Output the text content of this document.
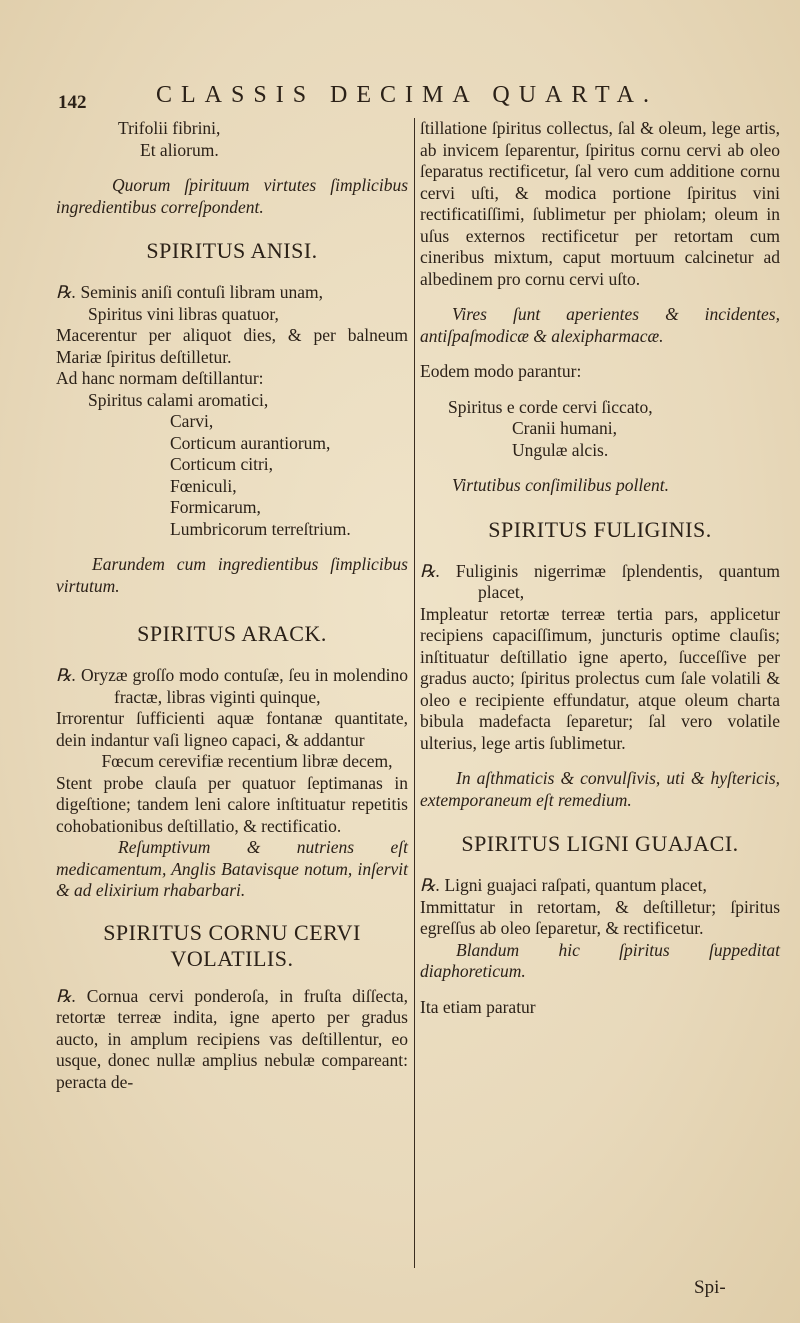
142	CLASSIS DECIMA QUARTA.
Trifolii fibrini,
Et aliorum.
Quorum ſpirituum virtutes ſimplicibus ingredientibus correſpondent.
SPIRITUS ANISI.
℞. Seminis aniſi contuſi libram unam,
Spiritus vini libras quatuor,
Macerentur per aliquot dies, & per balneum Mariæ ſpiritus deſtilletur.
Ad hanc normam deſtillantur:
Spiritus calami aromatici,
Carvi,
Corticum aurantiorum,
Corticum citri,
Fœniculi,
Formicarum,
Lumbricorum terreſtrium.
Earundem cum ingredientibus ſimplicibus virtutum.
SPIRITUS ARACK.
℞. Oryzæ groſſo modo contuſæ, ſeu in molendino fractæ, libras viginti quinque,
Irrorentur ſufficienti aquæ fontanæ quantitate, dein indantur vaſi ligneo capaci, & addantur
Fœcum cerevifiæ recentium libræ decem,
Stent probe clauſa per quatuor ſeptimanas in digeſtione; tandem leni calore inſtituatur repetitis cohobationibus deſtillatio, & rectificatio.
Reſumptivum & nutriens eſt medicamentum, Anglis Batavisque notum, inſervit & ad elixirium rhabarbari.
SPIRITUS CORNU CERVI
VOLATILIS.
℞. Cornua cervi ponderoſa, in fruſta diſſecta, retortæ terreæ indita, igne aperto per gradus aucto, in amplum recipiens vas deſtillentur, eo usque, donec nullæ amplius nebulæ compareant: peracta de-
ſtillatione ſpiritus collectus, ſal & oleum, lege artis, ab invicem ſeparentur, ſpiritus cornu cervi ab oleo ſeparatus rectificetur, ſal vero cum additione cornu cervi uſti, & modica portione ſpiritus vini rectificatiſſimi, ſublimetur per phiolam; oleum in uſus externos rectificetur per retortam cum cineribus mixtum, caput mortuum calcinetur ad albedinem pro cornu cervi uſto.
Vires ſunt aperientes & incidentes, antiſpaſmodicæ & alexipharmacæ.
Eodem modo parantur:
Spiritus e corde cervi ſiccato,
Cranii humani,
Ungulæ alcis.
Virtutibus conſimilibus pollent.
SPIRITUS FULIGINIS.
℞. Fuliginis nigerrimæ ſplendentis, quantum placet,
Impleatur retortæ terreæ tertia pars, applicetur recipiens capaciſſimum, juncturis optime clauſis; inſtituatur deſtillatio igne aperto, ſucceſſive per gradus aucto; ſpiritus prolectus cum ſale volatili & oleo e recipiente effundatur, atque oleum charta bibula madefacta ſeparetur; ſal vero volatile ulterius, lege artis ſublimetur.
In aſthmaticis & convulſivis, uti & hyſtericis, extemporaneum eſt remedium.
SPIRITUS LIGNI GUAJACI.
℞. Ligni guajaci raſpati, quantum placet,
Immittatur in retortam, & deſtilletur; ſpiritus egreſſus ab oleo ſeparetur, & rectificetur.
Blandum hic ſpiritus ſuppeditat diaphoreticum.
Ita etiam paratur
Spi-
